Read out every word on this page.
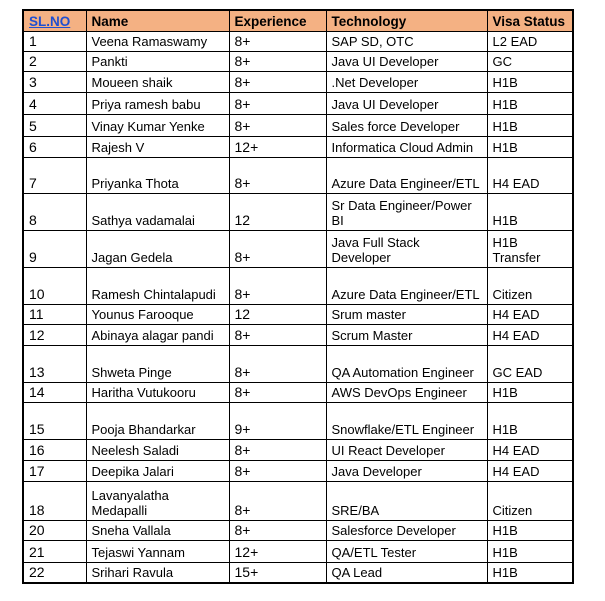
SL.NO	Name	Experience	Technology	Visa Status
1	Veena Ramaswamy	8+	SAP SD, OTC	L2 EAD
2	Pankti	8+	Java UI Developer	GC
3	Moueen shaik	8+	.Net Developer	H1B
4	Priya ramesh babu	8+	Java UI Developer	H1B
5	Vinay Kumar Yenke	8+	Sales force Developer	H1B
6	Rajesh V	12+	Informatica Cloud Admin	H1B
7	Priyanka Thota	8+	Azure Data Engineer/ETL	H4 EAD
8	Sathya vadamalai	12	Sr Data Engineer/Power BI	H1B
9	Jagan Gedela	8+	Java Full Stack Developer	H1B Transfer
10	Ramesh Chintalapudi	8+	Azure Data Engineer/ETL	Citizen
11	Younus Farooque	12	Srum master	H4 EAD
12	Abinaya alagar pandi	8+	Scrum Master	H4 EAD
13	Shweta Pinge	8+	QA Automation Engineer	GC EAD
14	Haritha Vutukooru	8+	AWS DevOps Engineer	H1B
15	Pooja Bhandarkar	9+	Snowflake/ETL Engineer	H1B
16	Neelesh Saladi	8+	UI React Developer	H4 EAD
17	Deepika Jalari	8+	Java Developer	H4 EAD
18	Lavanyalatha Medapalli	8+	SRE/BA	Citizen
20	Sneha Vallala	8+	Salesforce Developer	H1B
21	Tejaswi Yannam	12+	QA/ETL Tester	H1B
22	Srihari Ravula	15+	QA Lead	H1B
